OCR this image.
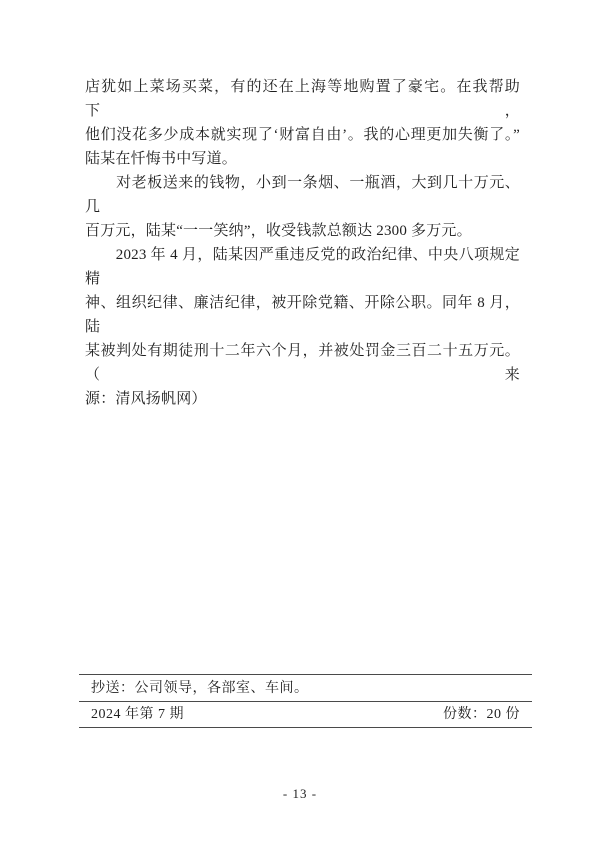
店犹如上菜场买菜，有的还在上海等地购置了豪宅。在我帮助下，
他们没花多少成本就实现了‘财富自由’。我的心理更加失衡了。”
陆某在忏悔书中写道。
　　对老板送来的钱物，小到一条烟、一瓶酒，大到几十万元、几
百万元，陆某“一一笑纳”，收受钱款总额达 2300 多万元。
　　2023 年 4 月，陆某因严重违反党的政治纪律、中央八项规定精
神、组织纪律、廉洁纪律，被开除党籍、开除公职。同年 8 月，陆
某被判处有期徒刑十二年六个月，并被处罚金三百二十五万元。（来
源：清风扬帆网）
抄送：公司领导，各部室、车间。
2024 年第 7 期	份数：20 份
- 13 -
